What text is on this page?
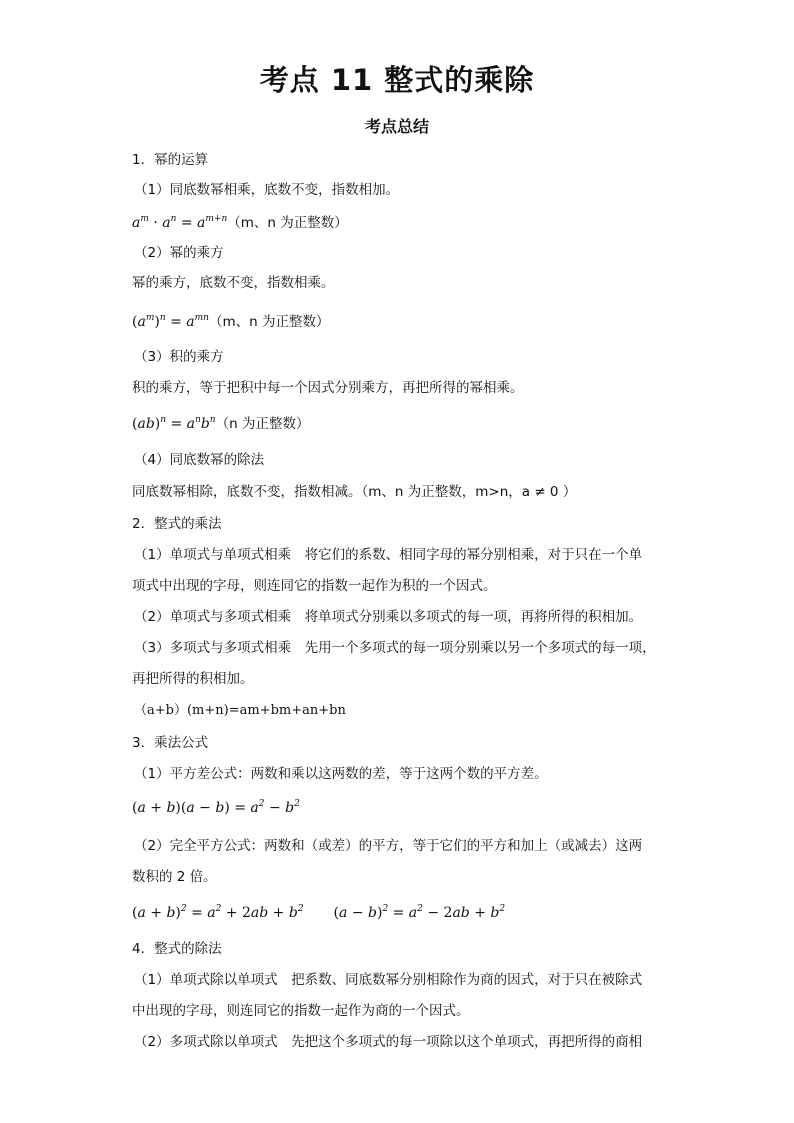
考点 11 整式的乘除
考点总结
1．幂的运算
（1）同底数幂相乘，底数不变，指数相加。
$a^m \cdot a^n = a^{m+n}(m$、n 为正整数）
（2）幂的乘方
幂的乘方，底数不变，指数相乘。
$(a^m)^n = a^{mn}(m$、n 为正整数）
（3）积的乘方
积的乘方，等于把积中每一个因式分别乘方，再把所得的幂相乘。
$(ab)^n = a^nb^n(n$ 为正整数）
（4）同底数幂的除法
同底数幂相除，底数不变，指数相减。（m、n 为正整数，m>n，a ≠ 0 ）
2．整式的乘法
（1）单项式与单项式相乘　将它们的系数、相同字母的幂分别相乘，对于只在一个单
项式中出现的字母，则连同它的指数一起作为积的一个因式。
（2）单项式与多项式相乘　将单项式分别乘以多项式的每一项，再将所得的积相加。
（3）多项式与多项式相乘　先用一个多项式的每一项分别乘以另一个多项式的每一项，
再把所得的积相加。
（a+b）(m+n)=am+bm+an+bn
3．乘法公式
（1）平方差公式：两数和乘以这两数的差，等于这两个数的平方差。
$(a + b)(a - b) = a^2 - b^2$
（2）完全平方公式：两数和（或差）的平方，等于它们的平方和加上（或减去）这两
数积的 2 倍。
$(a + b)^2 = a^2 + 2ab + b^2$ $(a - b)^2 = a^2 - 2ab + b^2$
4．整式的除法
（1）单项式除以单项式　把系数、同底数幂分别相除作为商的因式，对于只在被除式
中出现的字母，则连同它的指数一起作为商的一个因式。
（2）多项式除以单项式　先把这个多项式的每一项除以这个单项式，再把所得的商相
